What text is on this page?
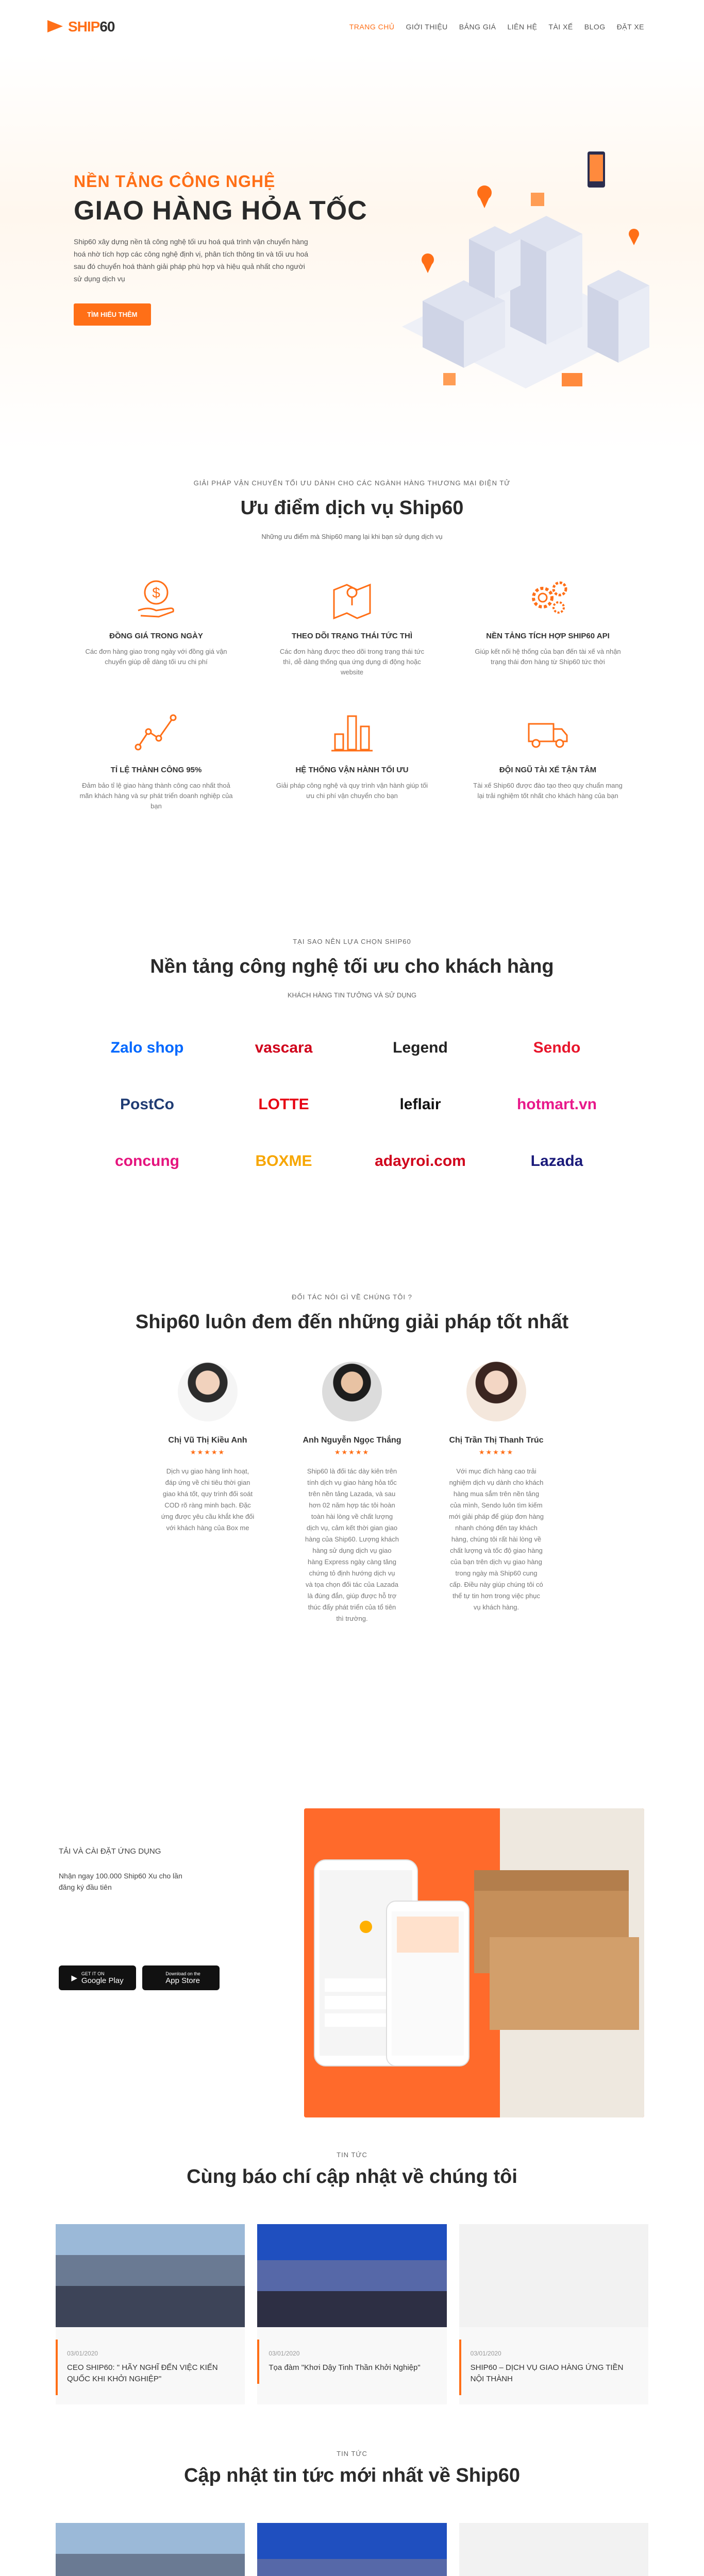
SHIP60	TRANG CHỦ GIỚI THIỆU BẢNG GIÁ LIÊN HỆ TÀI XẾ BLOG ĐẶT XE
NỀN TẢNG CÔNG NGHỆ
GIAO HÀNG HỎA TỐC

Ship60 xây dựng nền tả công nghệ tối ưu hoá quá trình vận chuyển hàng hoá nhờ tích hợp các công nghệ định vị, phân tích thông tin và tối ưu hoá sau đó chuyển hoá thành giải pháp phù hợp và hiệu quả nhất cho người sử dụng dịch vụ

TÌM HIỂU THÊM
GIẢI PHÁP VẬN CHUYỂN TỐI ƯU DÀNH CHO CÁC NGÀNH HÀNG THƯƠNG MẠI ĐIỆN TỬ
Ưu điểm dịch vụ Ship60
Những ưu điểm mà Ship60 mang lại khi bạn sử dụng dịch vụ
$
ĐỒNG GIÁ TRONG NGÀY

Các đơn hàng giao trong ngày với đồng giá vận chuyển giúp dễ dàng tối ưu chi phí

THEO DÕI TRẠNG THÁI TỨC THÌ

Các đơn hàng được theo dõi trong trạng thái tức thì, dễ dàng thống qua ứng dụng di động hoặc website

NỀN TẢNG TÍCH HỢP SHIP60 API

Giúp kết nối hệ thống của bạn đến tài xế và nhận trạng thái đơn hàng từ Ship60 tức thời

TỈ LỆ THÀNH CÔNG 95%

Đảm bảo tỉ lệ giao hàng thành công cao nhất thoả mãn khách hàng và sự phát triển doanh nghiệp của bạn

HỆ THỐNG VẬN HÀNH TỐI ƯU

Giải pháp công nghệ và quy trình vận hành giúp tối ưu chi phí vận chuyển cho bạn

ĐỘI NGŨ TÀI XẾ TẬN TÂM

Tài xế Ship60 được đào tạo theo quy chuẩn mang lại trải nghiệm tốt nhất cho khách hàng của bạn

TẠI SAO NÊN LỰA CHỌN SHIP60
Nền tảng công nghệ tối ưu cho khách hàng
KHÁCH HÀNG TIN TƯỞNG VÀ SỬ DỤNG
Zalo shop	vascara	Legend	Sendo
PostCo	LOTTE	leflair	hotmart.vn
concung	BOXME	adayroi.com	Lazada
ĐỐI TÁC NÓI GÌ VỀ CHÚNG TÔI ?
Ship60 luôn đem đến những giải pháp tốt nhất
Chị Vũ Thị Kiều Anh
★★★★★

Dịch vụ giao hàng linh hoạt, đáp ứng về chi tiêu thời gian giao khá tốt, quy trình đối soát COD rõ ràng minh bạch. Đặc ứng được yêu cầu khắt khe đối với khách hàng của Box me

Anh Nguyễn Ngọc Thắng
★★★★★

Ship60 là đối tác dày kiên trên tính dịch vụ giao hàng hỏa tốc trên nền tảng Lazada, và sau hơn 02 năm hợp tác tôi hoàn toàn hài lòng về chất lượng dịch vụ, cảm kết thời gian giao hàng của Ship60. Lượng khách hàng sử dụng dịch vụ giao hàng Express ngày càng tăng chứng tỏ định hướng dịch vụ và tọa chọn đối tác của Lazada là đúng đắn, giúp được hỗ trợ thúc đẩy phát triển của tổ tiên thì trường.

Chị Trần Thị Thanh Trúc
★★★★★

Với mục đích hàng cao trải nghiệm dịch vụ dành cho khách hàng mua sắm trên nền tảng của mình, Sendo luôn tìm kiếm mới giải pháp để giúp đơn hàng nhanh chóng đến tay khách hàng, chúng tôi rất hài lòng về chất lượng và tốc độ giao hàng của bạn trên dịch vụ giao hàng trong ngày mà Ship60 cung cấp. Điều này giúp chúng tôi có thể tự tin hơn trong việc phục vụ khách hàng.

TẢI VÀ CÀI ĐẶT ỨNG DỤNG

Nhận ngay 100.000 Ship60 Xu cho lần đăng ký đầu tiên

▶
GET IT ON
Google Play
Download on the
App Store
TIN TỨC
Cùng báo chí cập nhật về chúng tôi
03/01/2020
CEO SHIP60: " HÃY NGHĨ ĐẾN VIỆC KIẾN QUỐC KHI KHỞI NGHIỆP"
03/01/2020
Tọa đàm "Khơi Dậy Tinh Thần Khởi Nghiệp"
03/01/2020
SHIP60 – DỊCH VỤ GIAO HÀNG ỨNG TIỀN NỘI THÀNH
TIN TỨC
Cập nhật tin tức mới nhất về Ship60
